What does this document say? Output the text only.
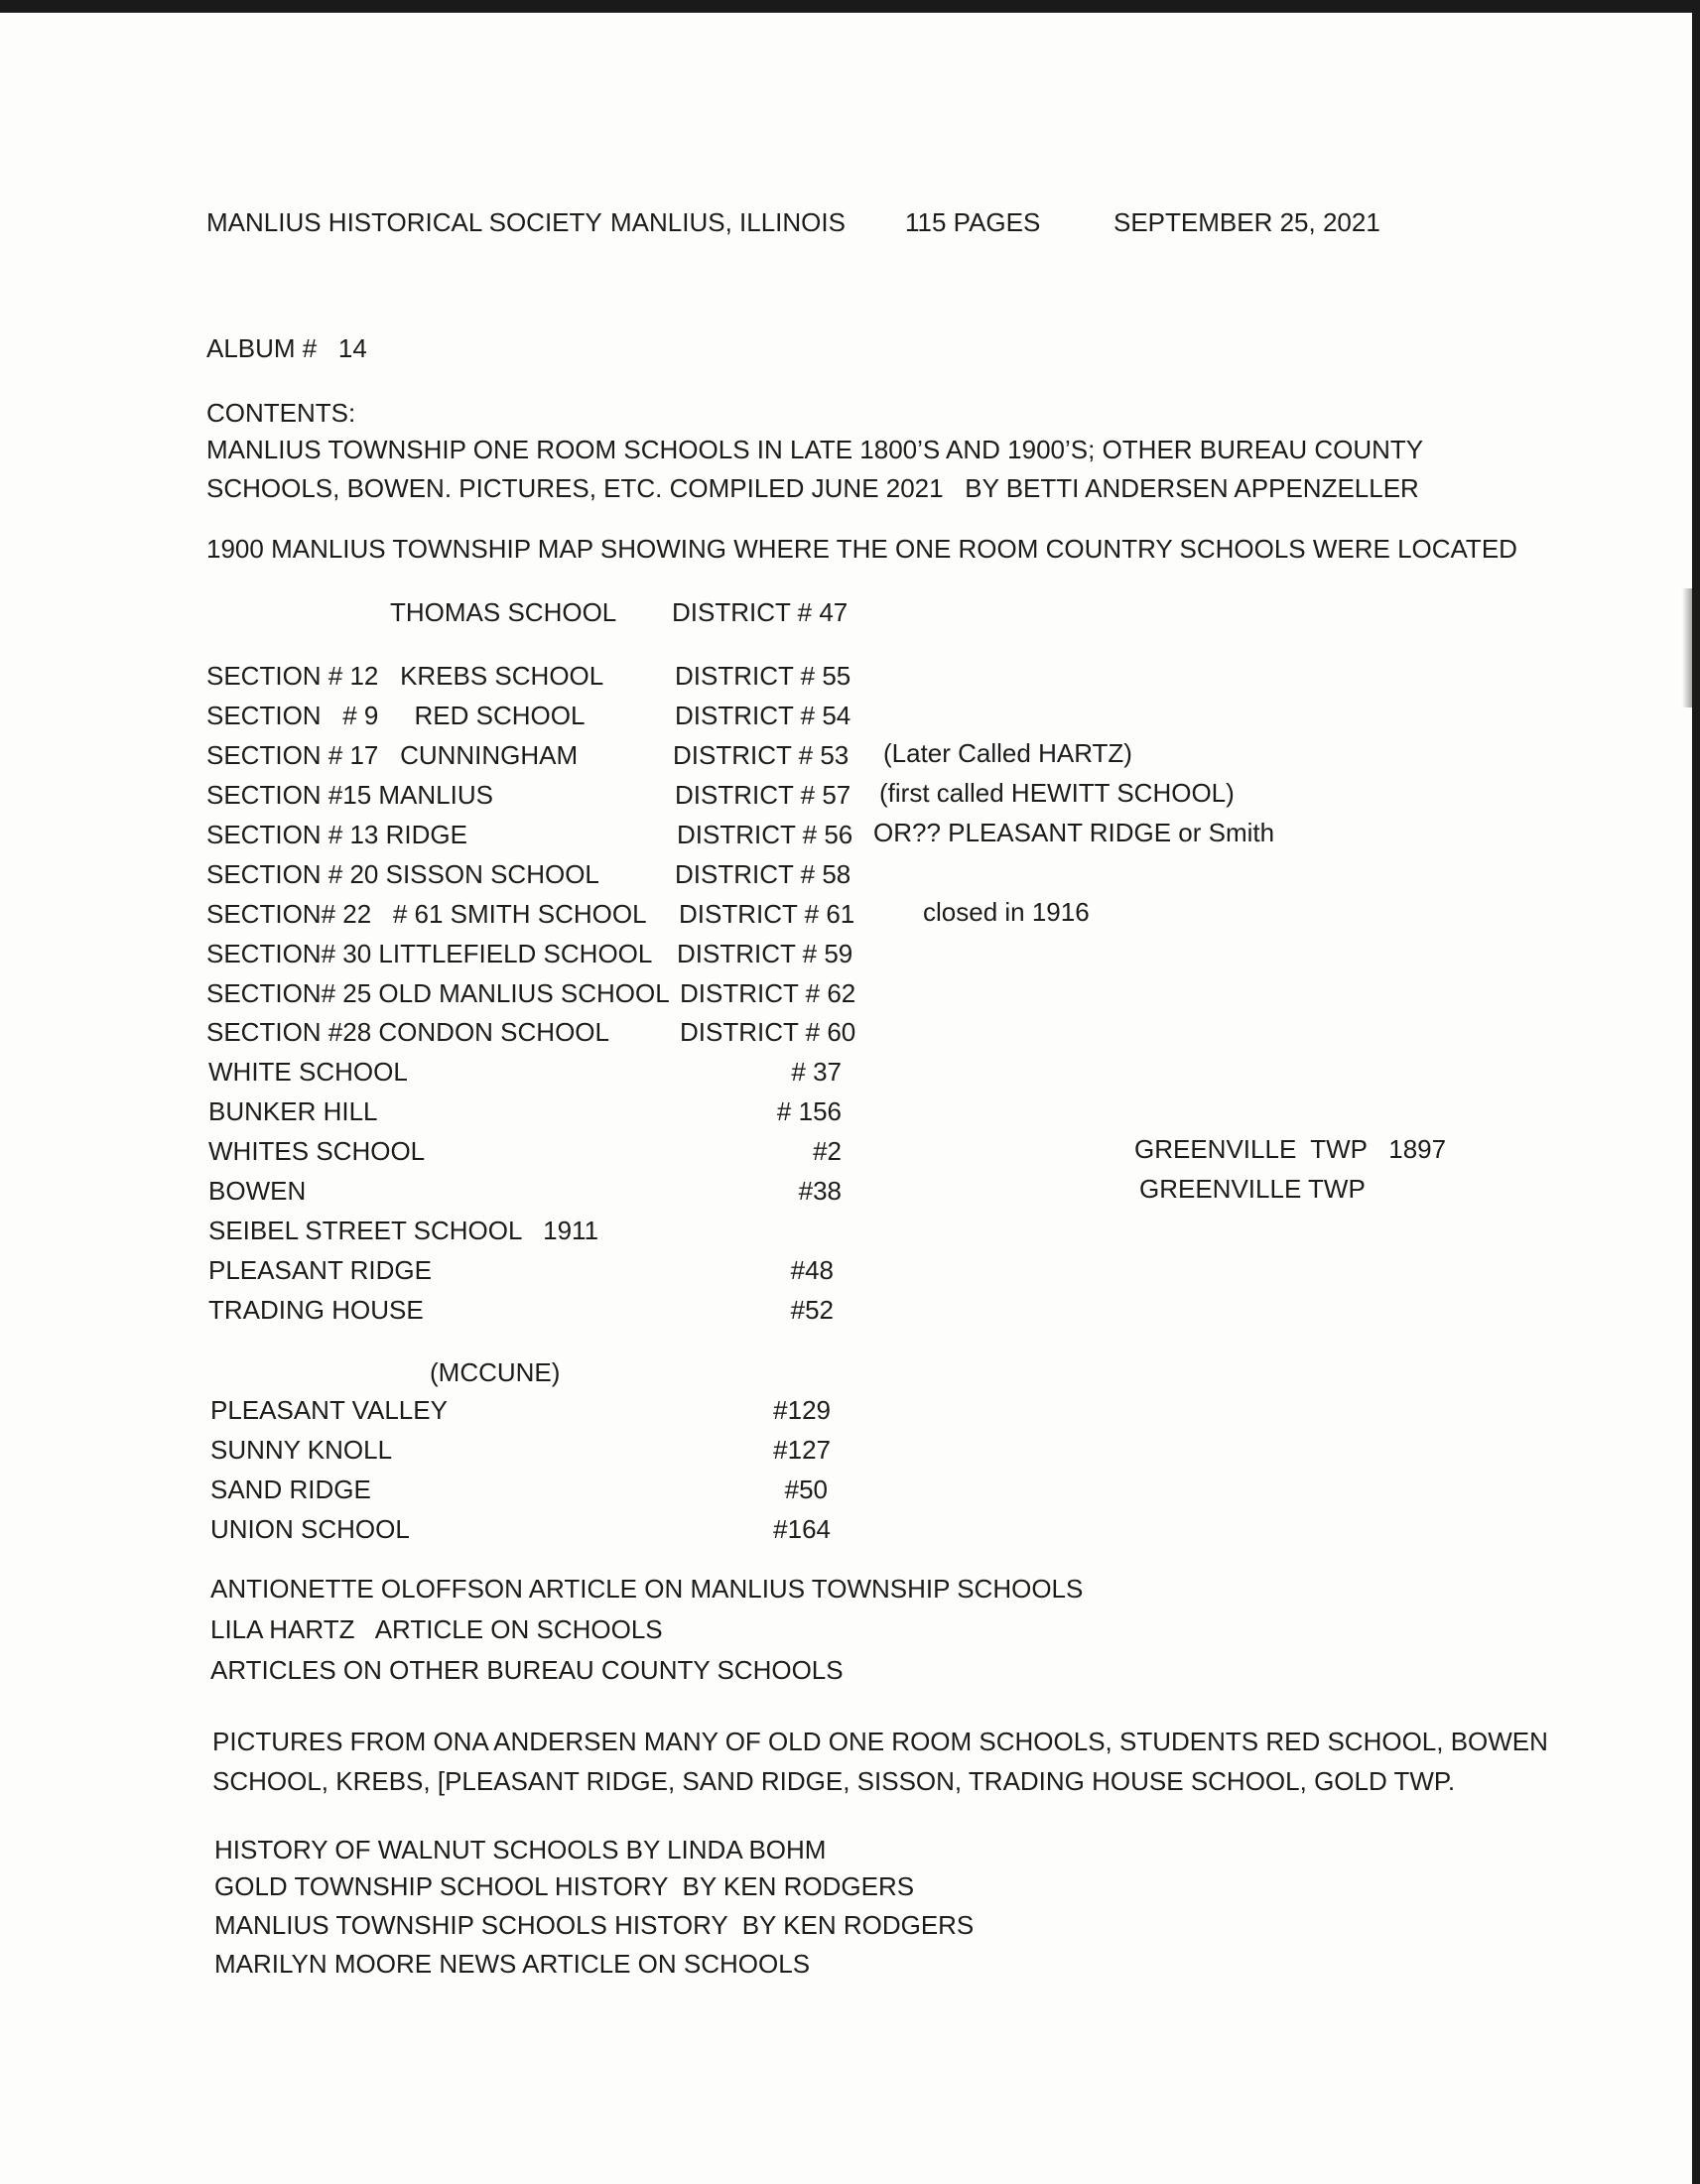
MANLIUS HISTORICAL SOCIETY MANLIUS, ILLINOIS 115 PAGES	SEPTEMBER 25, 2021
ALBUM #   14
CONTENTS:
MANLIUS TOWNSHIP ONE ROOM SCHOOLS IN LATE 1800’S AND 1900’S; OTHER BUREAU COUNTY
SCHOOLS, BOWEN. PICTURES, ETC. COMPILED JUNE 2021   BY BETTI ANDERSEN APPENZELLER
1900 MANLIUS TOWNSHIP MAP SHOWING WHERE THE ONE ROOM COUNTRY SCHOOLS WERE LOCATED
THOMAS SCHOOL DISTRICT # 47
SECTION # 12   KREBS SCHOOL	DISTRICT # 55
SECTION   # 9     RED SCHOOL	DISTRICT # 54
SECTION # 17   CUNNINGHAM	DISTRICT # 53 (Later Called HARTZ)
SECTION #15 MANLIUS	DISTRICT # 57 (first called HEWITT SCHOOL)
SECTION # 13 RIDGE	DISTRICT # 56 OR?? PLEASANT RIDGE or Smith
SECTION # 20 SISSON SCHOOL	DISTRICT # 58
SECTION# 22   # 61 SMITH SCHOOL DISTRICT # 61	closed in 1916
SECTION# 30 LITTLEFIELD SCHOOL DISTRICT # 59
SECTION# 25 OLD MANLIUS SCHOOL DISTRICT # 62
SECTION #28 CONDON SCHOOL	DISTRICT # 60
WHITE SCHOOL	# 37
BUNKER HILL	# 156
WHITES SCHOOL	#2	GREENVILLE  TWP   1897
BOWEN	#38	GREENVILLE TWP
SEIBEL STREET SCHOOL   1911
PLEASANT RIDGE	#48
TRADING HOUSE	#52
(MCCUNE)
PLEASANT VALLEY	#129
SUNNY KNOLL	#127
SAND RIDGE	#50
UNION SCHOOL	#164
ANTIONETTE OLOFFSON ARTICLE ON MANLIUS TOWNSHIP SCHOOLS
LILA HARTZ   ARTICLE ON SCHOOLS
ARTICLES ON OTHER BUREAU COUNTY SCHOOLS
PICTURES FROM ONA ANDERSEN MANY OF OLD ONE ROOM SCHOOLS, STUDENTS RED SCHOOL, BOWEN
SCHOOL, KREBS, [PLEASANT RIDGE, SAND RIDGE, SISSON, TRADING HOUSE SCHOOL, GOLD TWP.
HISTORY OF WALNUT SCHOOLS BY LINDA BOHM
GOLD TOWNSHIP SCHOOL HISTORY  BY KEN RODGERS
MANLIUS TOWNSHIP SCHOOLS HISTORY  BY KEN RODGERS
MARILYN MOORE NEWS ARTICLE ON SCHOOLS
